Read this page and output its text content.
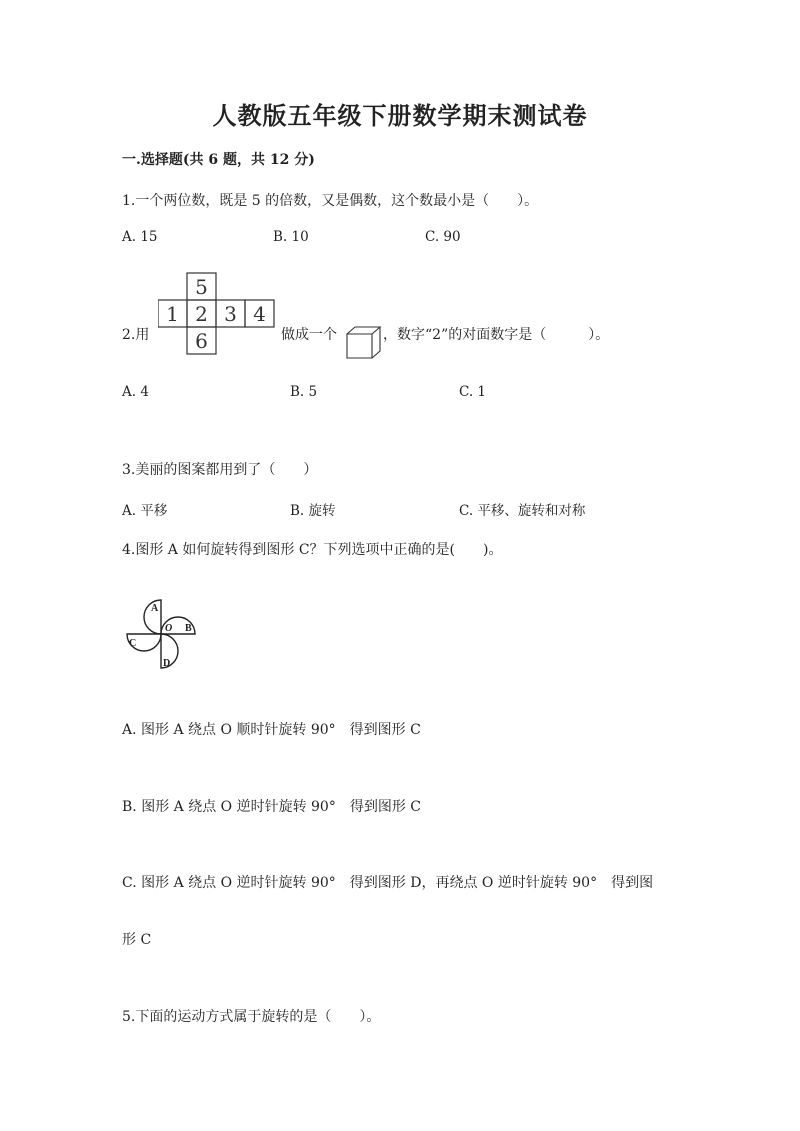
人教版五年级下册数学期末测试卷
一.选择题(共 6 题，共 12 分)
1.一个两位数，既是 5 的倍数，又是偶数，这个数最小是（　　）。
A. 15	B. 10	C. 90
2.用
5
1 2 3 4
6	做成一个	，数字“2”的对面数字是（　　　）。
A. 4	B. 5	C. 1
3.美丽的图案都用到了（　　）
A. 平移	B. 旋转	C. 平移、旋转和对称
4.图形 A 如何旋转得到图形 C？下列选项中正确的是(　　)。
A
B
C
D
O
A. 图形 A 绕点 O 顺时针旋转 90°　得到图形 C
B. 图形 A 绕点 O 逆时针旋转 90°　得到图形 C
C. 图形 A 绕点 O 逆时针旋转 90°　得到图形 D，再绕点 O 逆时针旋转 90°　得到图
形 C
5.下面的运动方式属于旋转的是（　　）。
